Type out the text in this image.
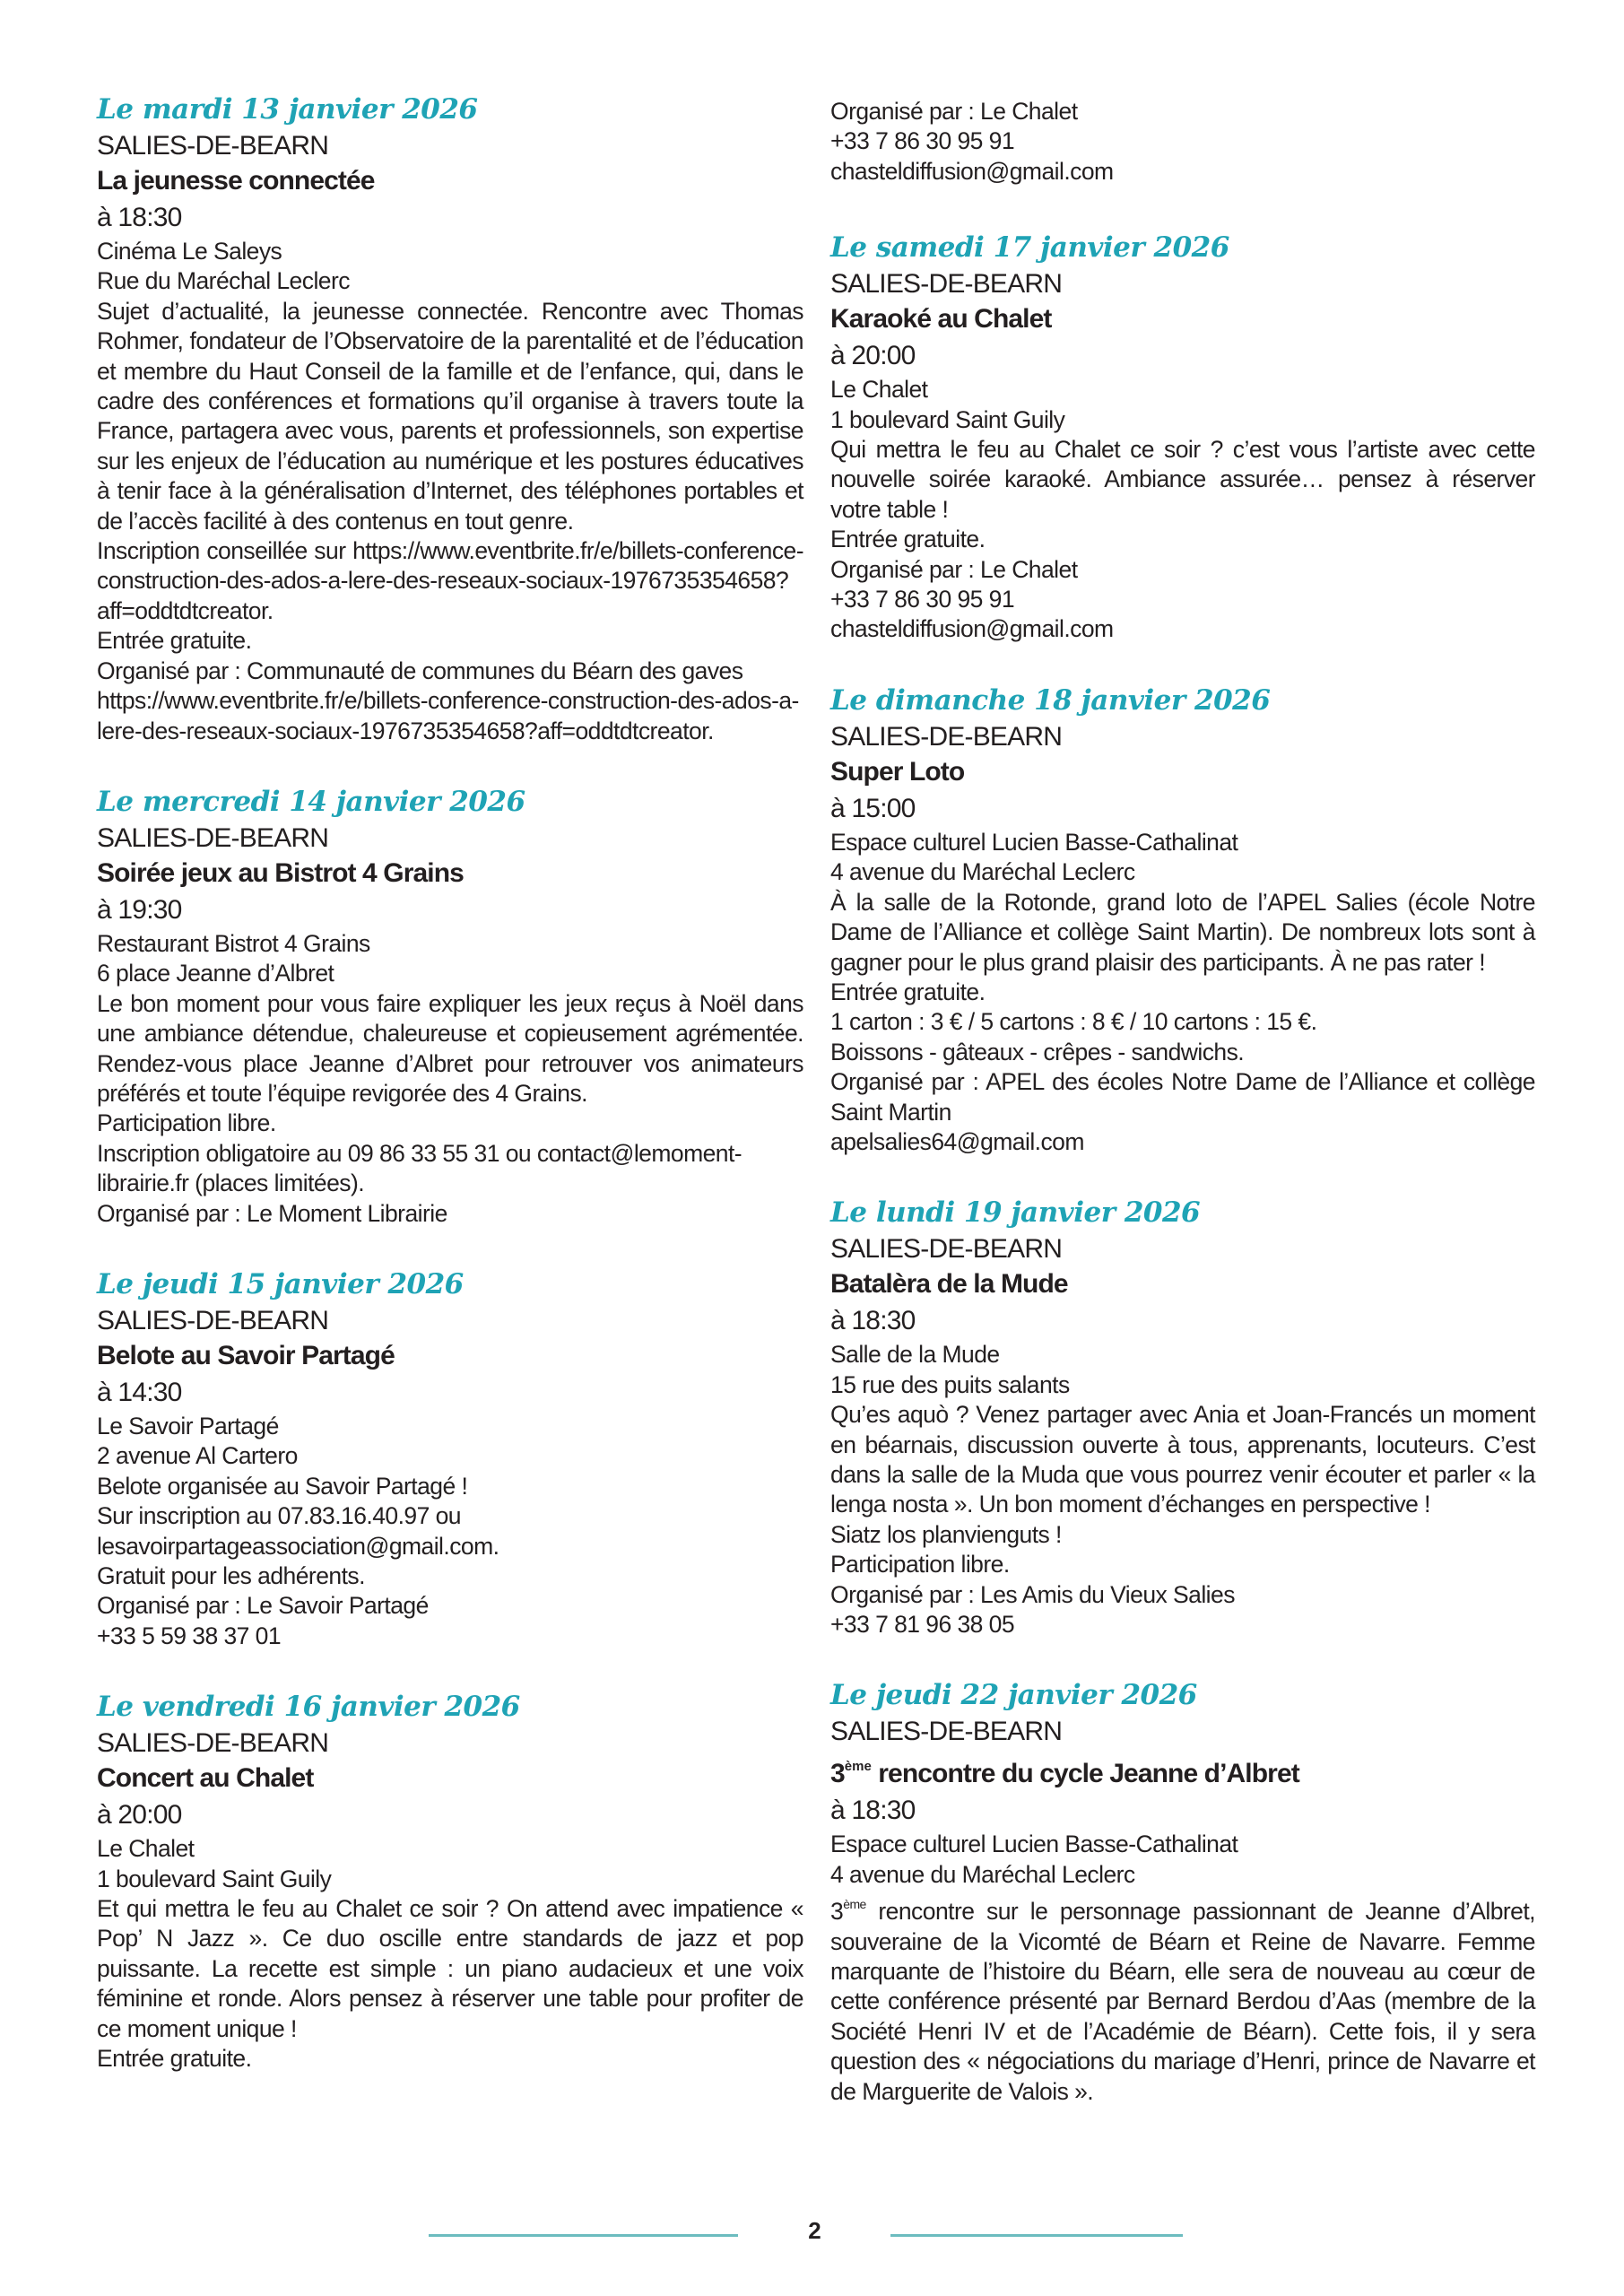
Le mardi 13 janvier 2026
SALIES-DE-BEARN
La jeunesse connectée
à 18:30
Cinéma Le Saleys
Rue du Maréchal Leclerc
Sujet d’actualité, la jeunesse connectée. Rencontre avec Thomas Rohmer, fondateur de l’Observatoire de la parentalité et de l’éducation et membre du Haut Conseil de la famille et de l’enfance, qui, dans le cadre des conférences et formations qu’il organise à travers toute la France, partagera avec vous, parents et professionnels, son expertise sur les enjeux de l’éducation au numérique et les postures éducatives à tenir face à la généralisation d’Internet, des téléphones portables et de l’accès facilité à des contenus en tout genre.
Inscription conseillée sur https://www.eventbrite.fr/e/billets-conference-construction-des-ados-a-lere-des-reseaux-sociaux-1976735354658?aff=oddtdtcreator.
Entrée gratuite.
Organisé par : Communauté de communes du Béarn des gaves
https://www.eventbrite.fr/e/billets-conference-construction-des-ados-a-lere-des-reseaux-sociaux-1976735354658?aff=oddtdtcreator.
Le mercredi 14 janvier 2026
SALIES-DE-BEARN
Soirée jeux au Bistrot 4 Grains
à 19:30
Restaurant Bistrot 4 Grains
6 place Jeanne d’Albret
Le bon moment pour vous faire expliquer les jeux reçus à Noël dans une ambiance détendue, chaleureuse et copieusement agrémentée. Rendez-vous place Jeanne d’Albret pour retrouver vos animateurs préférés et toute l’équipe revigorée des 4 Grains.
Participation libre.
Inscription obligatoire au 09 86 33 55 31 ou contact@lemoment-librairie.fr (places limitées).
Organisé par : Le Moment Librairie
Le jeudi 15 janvier 2026
SALIES-DE-BEARN
Belote au Savoir Partagé
à 14:30
Le Savoir Partagé
2 avenue Al Cartero
Belote organisée au Savoir Partagé !
Sur inscription au 07.83.16.40.97 ou lesavoirpartageassociation@gmail.com.
Gratuit pour les adhérents.
Organisé par : Le Savoir Partagé
+33 5 59 38 37 01
Le vendredi 16 janvier 2026
SALIES-DE-BEARN
Concert au Chalet
à 20:00
Le Chalet
1 boulevard Saint Guily
Et qui mettra le feu au Chalet ce soir ? On attend avec impatience « Pop’ N Jazz ». Ce duo oscille entre standards de jazz et pop puissante. La recette est simple : un piano audacieux et une voix féminine et ronde. Alors pensez à réserver une table pour profiter de ce moment unique !
Entrée gratuite.
Organisé par : Le Chalet
+33 7 86 30 95 91
chasteldiffusion@gmail.com
Le samedi 17 janvier 2026
SALIES-DE-BEARN
Karaoké au Chalet
à 20:00
Le Chalet
1 boulevard Saint Guily
Qui mettra le feu au Chalet ce soir ? c’est vous l’artiste avec cette nouvelle soirée karaoké. Ambiance assurée… pensez à réserver votre table !
Entrée gratuite.
Organisé par : Le Chalet
+33 7 86 30 95 91
chasteldiffusion@gmail.com
Le dimanche 18 janvier 2026
SALIES-DE-BEARN
Super Loto
à 15:00
Espace culturel Lucien Basse-Cathalinat
4 avenue du Maréchal Leclerc
À la salle de la Rotonde, grand loto de l’APEL Salies (école Notre Dame de l’Alliance et collège Saint Martin). De nombreux lots sont à gagner pour le plus grand plaisir des participants. À ne pas rater !
Entrée gratuite.
1 carton : 3 € / 5 cartons : 8 € / 10 cartons : 15 €.
Boissons - gâteaux - crêpes - sandwichs.
Organisé par : APEL des écoles Notre Dame de l’Alliance et collège Saint Martin
apelsalies64@gmail.com
Le lundi 19 janvier 2026
SALIES-DE-BEARN
Batalèra de la Mude
à 18:30
Salle de la Mude
15 rue des puits salants
Qu’es aquò ? Venez partager avec Ania et Joan-Francés un moment en béarnais, discussion ouverte à tous, apprenants, locuteurs. C’est dans la salle de la Muda que vous pourrez venir écouter et parler « la lenga nosta ». Un bon moment d’échanges en perspective !
Siatz los planvienguts !
Participation libre.
Organisé par : Les Amis du Vieux Salies
+33 7 81 96 38 05
Le jeudi 22 janvier 2026
SALIES-DE-BEARN
3ème rencontre du cycle Jeanne d’Albret
à 18:30
Espace culturel Lucien Basse-Cathalinat
4 avenue du Maréchal Leclerc
3ème rencontre sur le personnage passionnant de Jeanne d’Albret, souveraine de la Vicomté de Béarn et Reine de Navarre. Femme marquante de l’histoire du Béarn, elle sera de nouveau au cœur de cette conférence présenté par Bernard Berdou d’Aas (membre de la Société Henri IV et de l’Académie de Béarn). Cette fois, il y sera question des « négociations du mariage d’Henri, prince de Navarre et de Marguerite de Valois ».
2
